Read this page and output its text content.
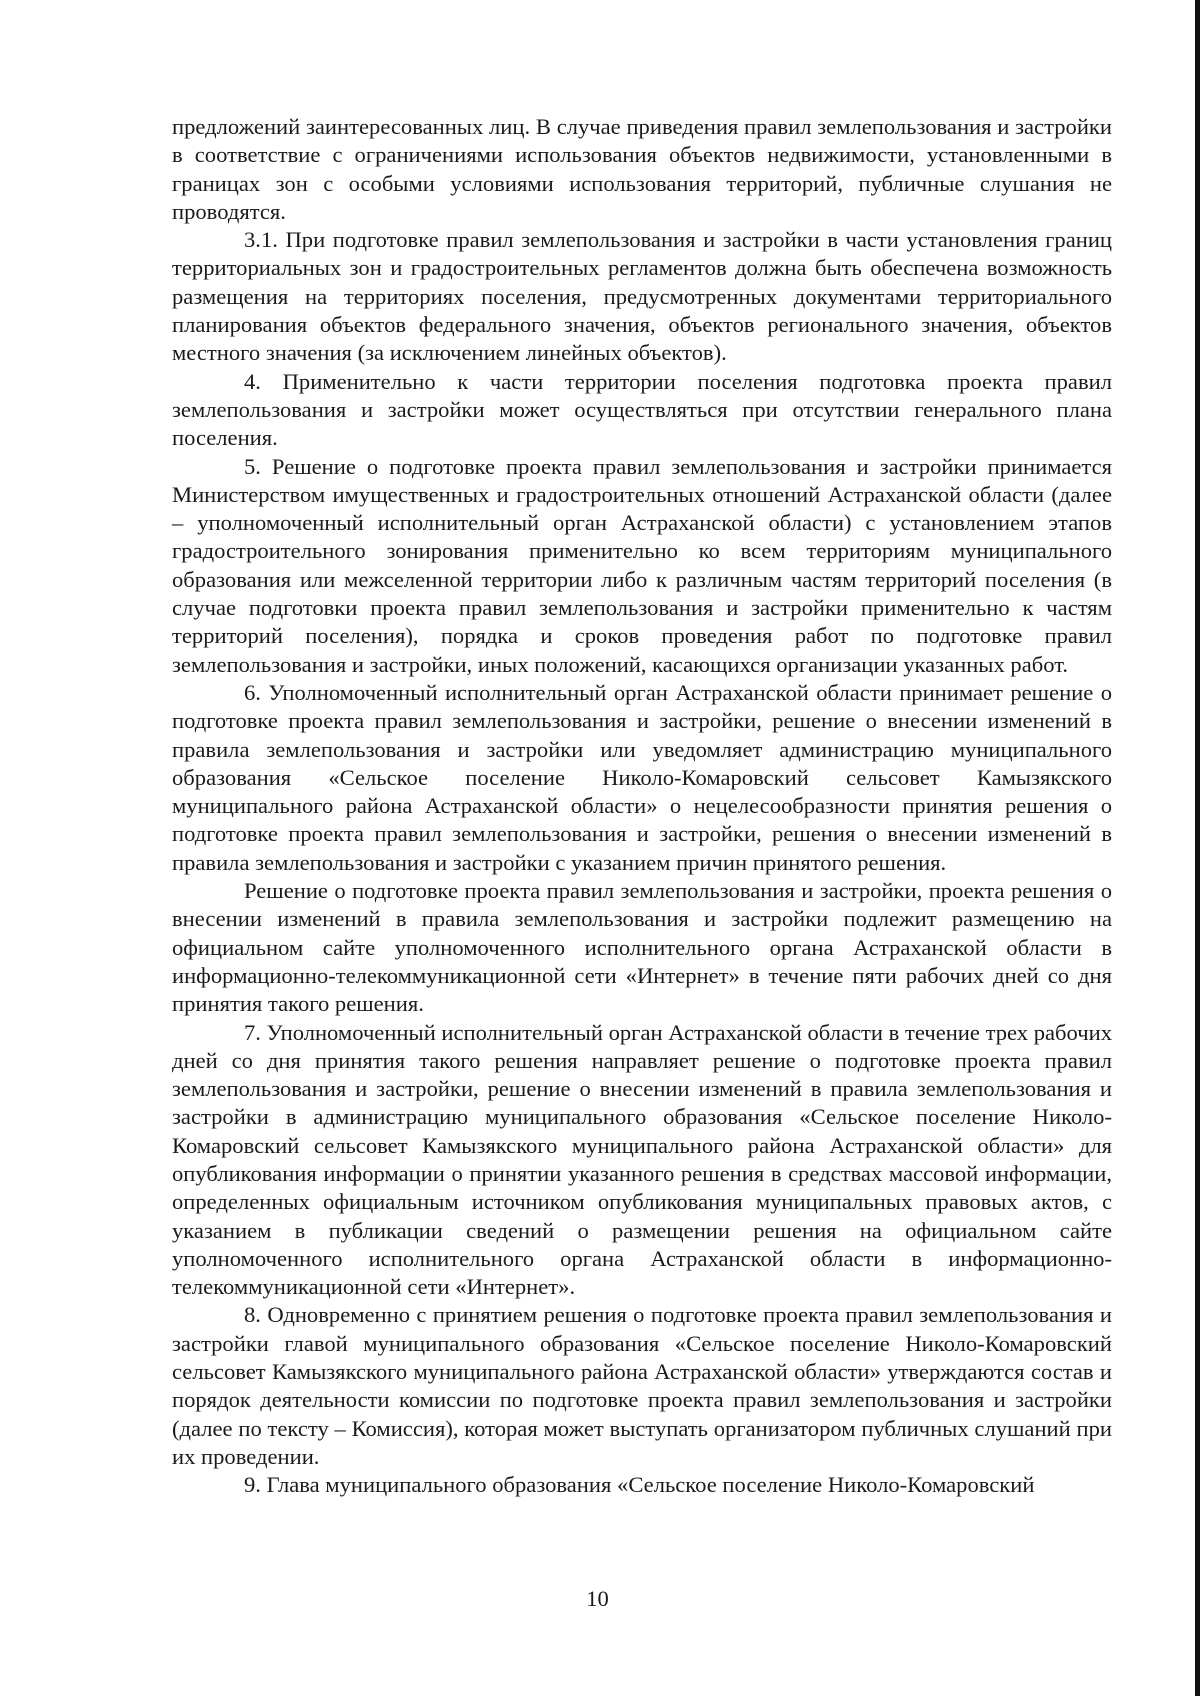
предложений заинтересованных лиц. В случае приведения правил землепользования и застройки в соответствие с ограничениями использования объектов недвижимости, установленными в границах зон с особыми условиями использования территорий, публичные слушания не проводятся.

3.1. При подготовке правил землепользования и застройки в части установления границ территориальных зон и градостроительных регламентов должна быть обеспечена возможность размещения на территориях поселения, предусмотренных документами территориального планирования объектов федерального значения, объектов регионального значения, объектов местного значения (за исключением линейных объектов).

4. Применительно к части территории поселения подготовка проекта правил землепользования и застройки может осуществляться при отсутствии генерального плана поселения.

5. Решение о подготовке проекта правил землепользования и застройки принимается Министерством имущественных и градостроительных отношений Астраханской области (далее – уполномоченный исполнительный орган Астраханской области) с установлением этапов градостроительного зонирования применительно ко всем территориям муниципального образования или межселенной территории либо к различным частям территорий поселения (в случае подготовки проекта правил землепользования и застройки применительно к частям территорий поселения), порядка и сроков проведения работ по подготовке правил землепользования и застройки, иных положений, касающихся организации указанных работ.

6. Уполномоченный исполнительный орган Астраханской области принимает решение о подготовке проекта правил землепользования и застройки, решение о внесении изменений в правила землепользования и застройки или уведомляет администрацию муниципального образования «Сельское поселение Николо-Комаровский сельсовет Камызякского муниципального района Астраханской области» о нецелесообразности принятия решения о подготовке проекта правил землепользования и застройки, решения о внесении изменений в правила землепользования и застройки с указанием причин принятого решения.

Решение о подготовке проекта правил землепользования и застройки, проекта решения о внесении изменений в правила землепользования и застройки подлежит размещению на официальном сайте уполномоченного исполнительного органа Астраханской области в информационно-телекоммуникационной сети «Интернет» в течение пяти рабочих дней со дня принятия такого решения.

7. Уполномоченный исполнительный орган Астраханской области в течение трех рабочих дней со дня принятия такого решения направляет решение о подготовке проекта правил землепользования и застройки, решение о внесении изменений в правила землепользования и застройки в администрацию муниципального образования «Сельское поселение Николо-Комаровский сельсовет Камызякского муниципального района Астраханской области» для опубликования информации о принятии указанного решения в средствах массовой информации, определенных официальным источником опубликования муниципальных правовых актов, с указанием в публикации сведений о размещении решения на официальном сайте уполномоченного исполнительного органа Астраханской области в информационно-телекоммуникационной сети «Интернет».

8. Одновременно с принятием решения о подготовке проекта правил землепользования и застройки главой муниципального образования «Сельское поселение Николо-Комаровский сельсовет Камызякского муниципального района Астраханской области» утверждаются состав и порядок деятельности комиссии по подготовке проекта правил землепользования и застройки (далее по тексту – Комиссия), которая может выступать организатором публичных слушаний при их проведении.

9. Глава муниципального образования «Сельское поселение Николо-Комаровский

10
